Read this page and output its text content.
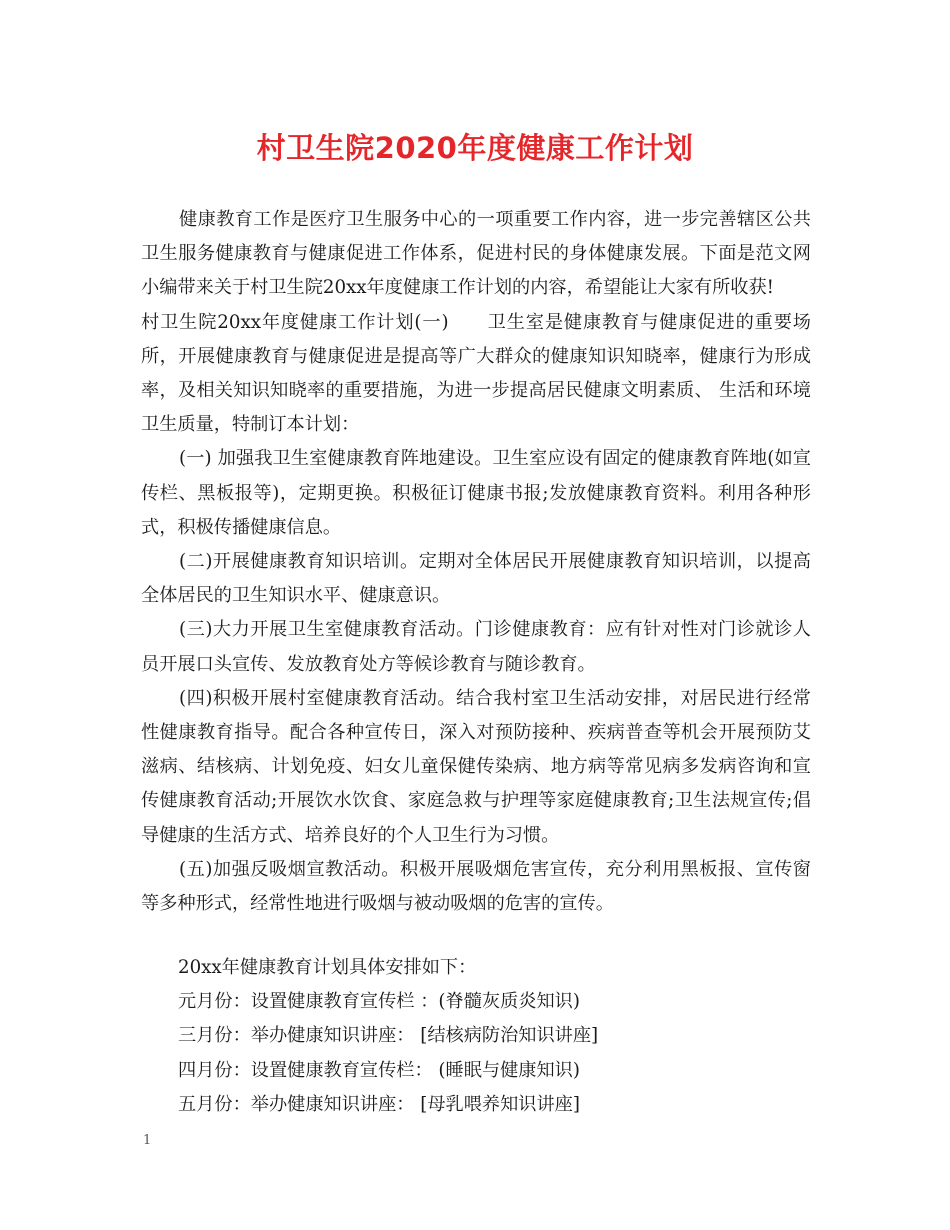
村卫生院2020年度健康工作计划

健康教育工作是医疗卫生服务中心的一项重要工作内容，进一步完善辖区公共卫生服务健康教育与健康促进工作体系，促进村民的身体健康发展。下面是范文网小编带来关于村卫生院20xx年度健康工作计划的内容，希望能让大家有所收获!

村卫生院20xx年度健康工作计划(一)　　卫生室是健康教育与健康促进的重要场所，开展健康教育与健康促进是提高等广大群众的健康知识知晓率，健康行为形成率，及相关知识知晓率的重要措施，为进一步提高居民健康文明素质、 生活和环境卫生质量，特制订本计划：

(一) 加强我卫生室健康教育阵地建设。卫生室应设有固定的健康教育阵地(如宣传栏、黑板报等)，定期更换。积极征订健康书报;发放健康教育资料。利用各种形式，积极传播健康信息。

(二)开展健康教育知识培训。定期对全体居民开展健康教育知识培训，以提高全体居民的卫生知识水平、健康意识。

(三)大力开展卫生室健康教育活动。门诊健康教育：应有针对性对门诊就诊人员开展口头宣传、发放教育处方等候诊教育与随诊教育。

(四)积极开展村室健康教育活动。结合我村室卫生活动安排，对居民进行经常性健康教育指导。配合各种宣传日，深入对预防接种、疾病普查等机会开展预防艾滋病、结核病、计划免疫、妇女儿童保健传染病、地方病等常见病多发病咨询和宣传健康教育活动;开展饮水饮食、家庭急救与护理等家庭健康教育;卫生法规宣传;倡导健康的生活方式、培养良好的个人卫生行为习惯。

(五)加强反吸烟宣教活动。积极开展吸烟危害宣传，充分利用黑板报、宣传窗等多种形式，经常性地进行吸烟与被动吸烟的危害的宣传。

20xx年健康教育计划具体安排如下：
元月份：设置健康教育宣传栏 ：(脊髓灰质炎知识)
三月份：举办健康知识讲座： [结核病防治知识讲座]
四月份：设置健康教育宣传栏： (睡眠与健康知识)
五月份：举办健康知识讲座： [母乳喂养知识讲座]
1
